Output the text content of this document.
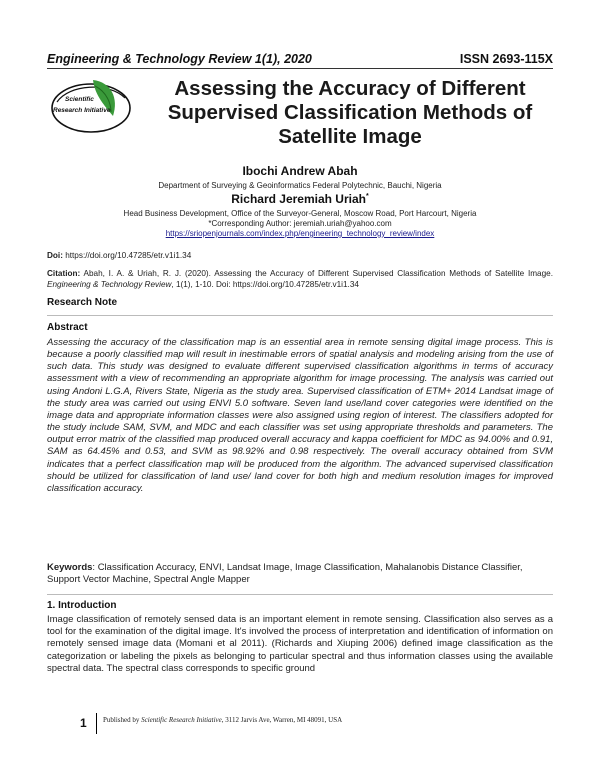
Engineering & Technology Review 1(1), 2020	ISSN 2693-115X
Scientific
Research Initiative
Assessing the Accuracy of Different Supervised Classification Methods of Satellite Image
Ibochi Andrew Abah
Department of Surveying & Geoinformatics Federal Polytechnic, Bauchi, Nigeria
Richard Jeremiah Uriah*
Head Business Development, Office of the Surveyor-General, Moscow Road, Port Harcourt, Nigeria
*Corresponding Author: jeremiah.uriah@yahoo.com
https://sriopenjournals.com/index.php/engineering_technology_review/index
Doi: https://doi.org/10.47285/etr.v1i1.34
Citation: Abah, I. A. & Uriah, R. J. (2020). Assessing the Accuracy of Different Supervised Classification Methods of Satellite Image. Engineering & Technology Review, 1(1), 1-10. Doi: https://doi.org/10.47285/etr.v1i1.34
Research Note
Abstract
Assessing the accuracy of the classification map is an essential area in remote sensing digital image process. This is because a poorly classified map will result in inestimable errors of spatial analysis and modeling arising from the use of such data. This study was designed to evaluate different supervised classification algorithms in terms of accuracy assessment with a view of recommending an appropriate algorithm for image processing. The analysis was carried out using Andoni L.G.A, Rivers State, Nigeria as the study area. Supervised classification of ETM+ 2014 Landsat image of the study area was carried out using ENVI 5.0 software. Seven land use/land cover categories were identified on the image data and appropriate information classes were also assigned using region of interest. The classifiers adopted for the study include SAM, SVM, and MDC and each classifier was set using appropriate thresholds and parameters. The output error matrix of the classified map produced overall accuracy and kappa coefficient for MDC as 94.00% and 0.91, SAM as 64.45% and 0.53, and SVM as 98.92% and 0.98 respectively. The overall accuracy obtained from SVM indicates that a perfect classification map will be produced from the algorithm. The advanced supervised classification should be utilized for classification of land use/ land cover for both high and medium resolution images for improved classification accuracy.
Keywords: Classification Accuracy, ENVI, Landsat Image, Image Classification, Mahalanobis Distance Classifier, Support Vector Machine, Spectral Angle Mapper
1. Introduction
Image classification of remotely sensed data is an important element in remote sensing. Classification also serves as a tool for the examination of the digital image. It's involved the process of interpretation and identification of information on remotely sensed image data (Momani et al 2011). (Richards and Xiuping 2006) defined image classification as the categorization or labeling the pixels as belonging to particular spectral and thus information classes using the available spectral data. The spectral class corresponds to specific ground
1 Published by Scientific Research Initiative, 3112 Jarvis Ave, Warren, MI 48091, USA
